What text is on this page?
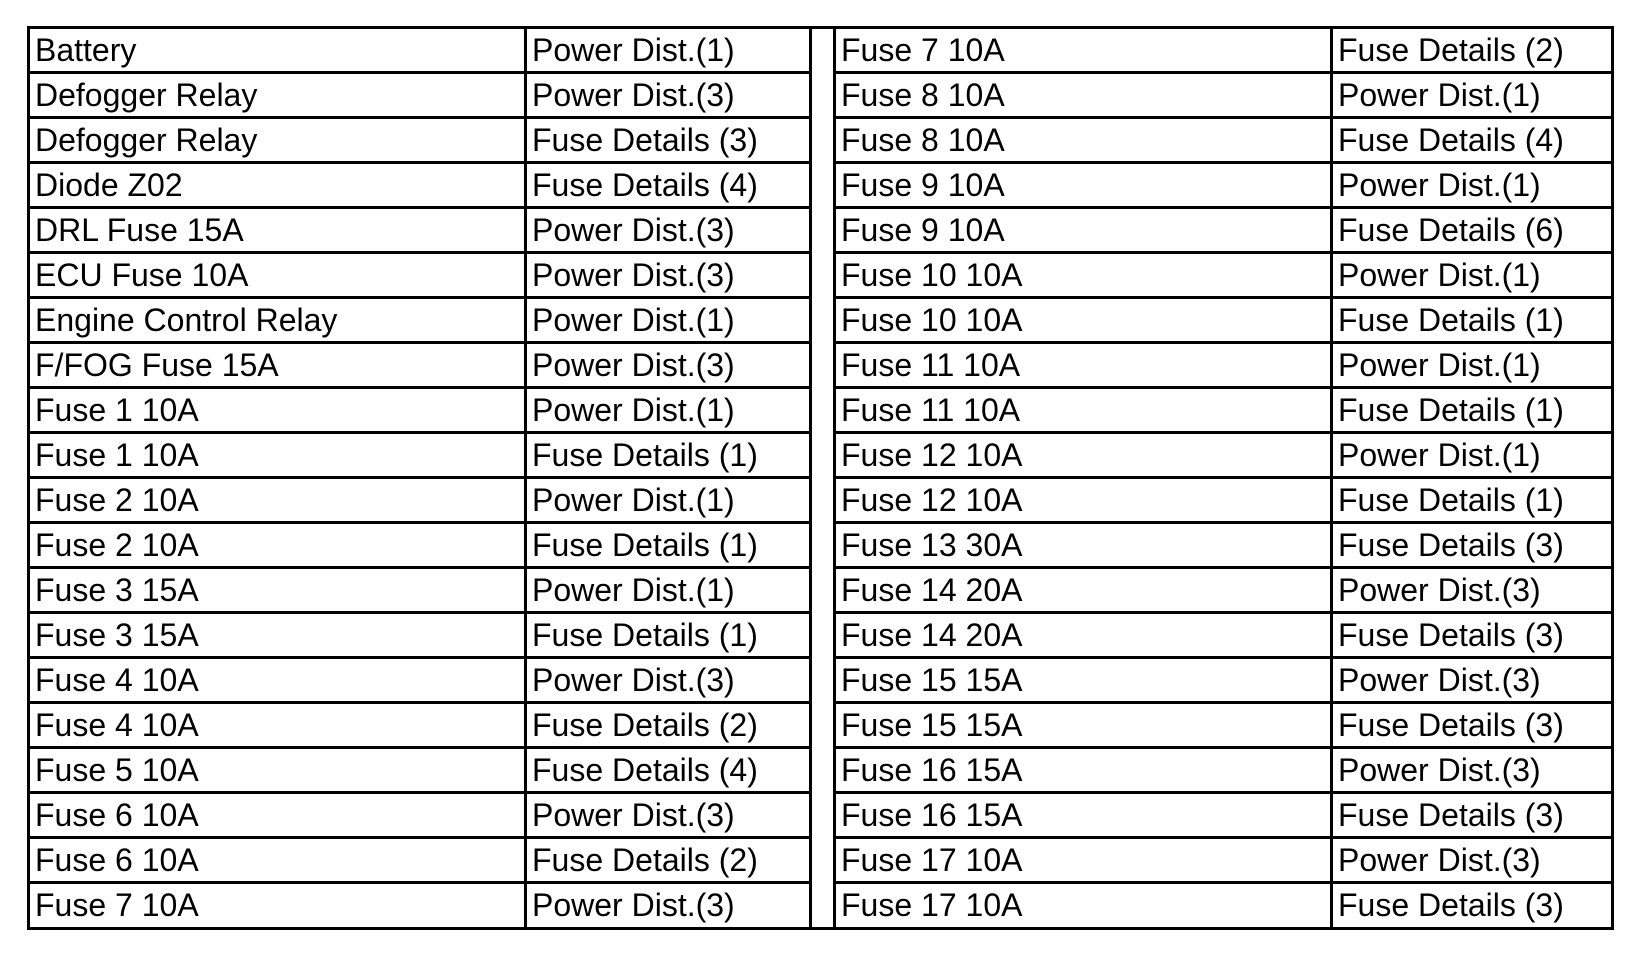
Battery	Power Dist.(1)
Defogger Relay	Power Dist.(3)
Defogger Relay	Fuse Details (3)
Diode Z02	Fuse Details (4)
DRL Fuse 15A	Power Dist.(3)
ECU Fuse 10A	Power Dist.(3)
Engine Control Relay	Power Dist.(1)
F/FOG Fuse 15A	Power Dist.(3)
Fuse 1 10A	Power Dist.(1)
Fuse 1 10A	Fuse Details (1)
Fuse 2 10A	Power Dist.(1)
Fuse 2 10A	Fuse Details (1)
Fuse 3 15A	Power Dist.(1)
Fuse 3 15A	Fuse Details (1)
Fuse 4 10A	Power Dist.(3)
Fuse 4 10A	Fuse Details (2)
Fuse 5 10A	Fuse Details (4)
Fuse 6 10A	Power Dist.(3)
Fuse 6 10A	Fuse Details (2)
Fuse 7 10A	Power Dist.(3)
Fuse 7 10A	Fuse Details (2)
Fuse 8 10A	Power Dist.(1)
Fuse 8 10A	Fuse Details (4)
Fuse 9 10A	Power Dist.(1)
Fuse 9 10A	Fuse Details (6)
Fuse 10 10A	Power Dist.(1)
Fuse 10 10A	Fuse Details (1)
Fuse 11 10A	Power Dist.(1)
Fuse 11 10A	Fuse Details (1)
Fuse 12 10A	Power Dist.(1)
Fuse 12 10A	Fuse Details (1)
Fuse 13 30A	Fuse Details (3)
Fuse 14 20A	Power Dist.(3)
Fuse 14 20A	Fuse Details (3)
Fuse 15 15A	Power Dist.(3)
Fuse 15 15A	Fuse Details (3)
Fuse 16 15A	Power Dist.(3)
Fuse 16 15A	Fuse Details (3)
Fuse 17 10A	Power Dist.(3)
Fuse 17 10A	Fuse Details (3)
